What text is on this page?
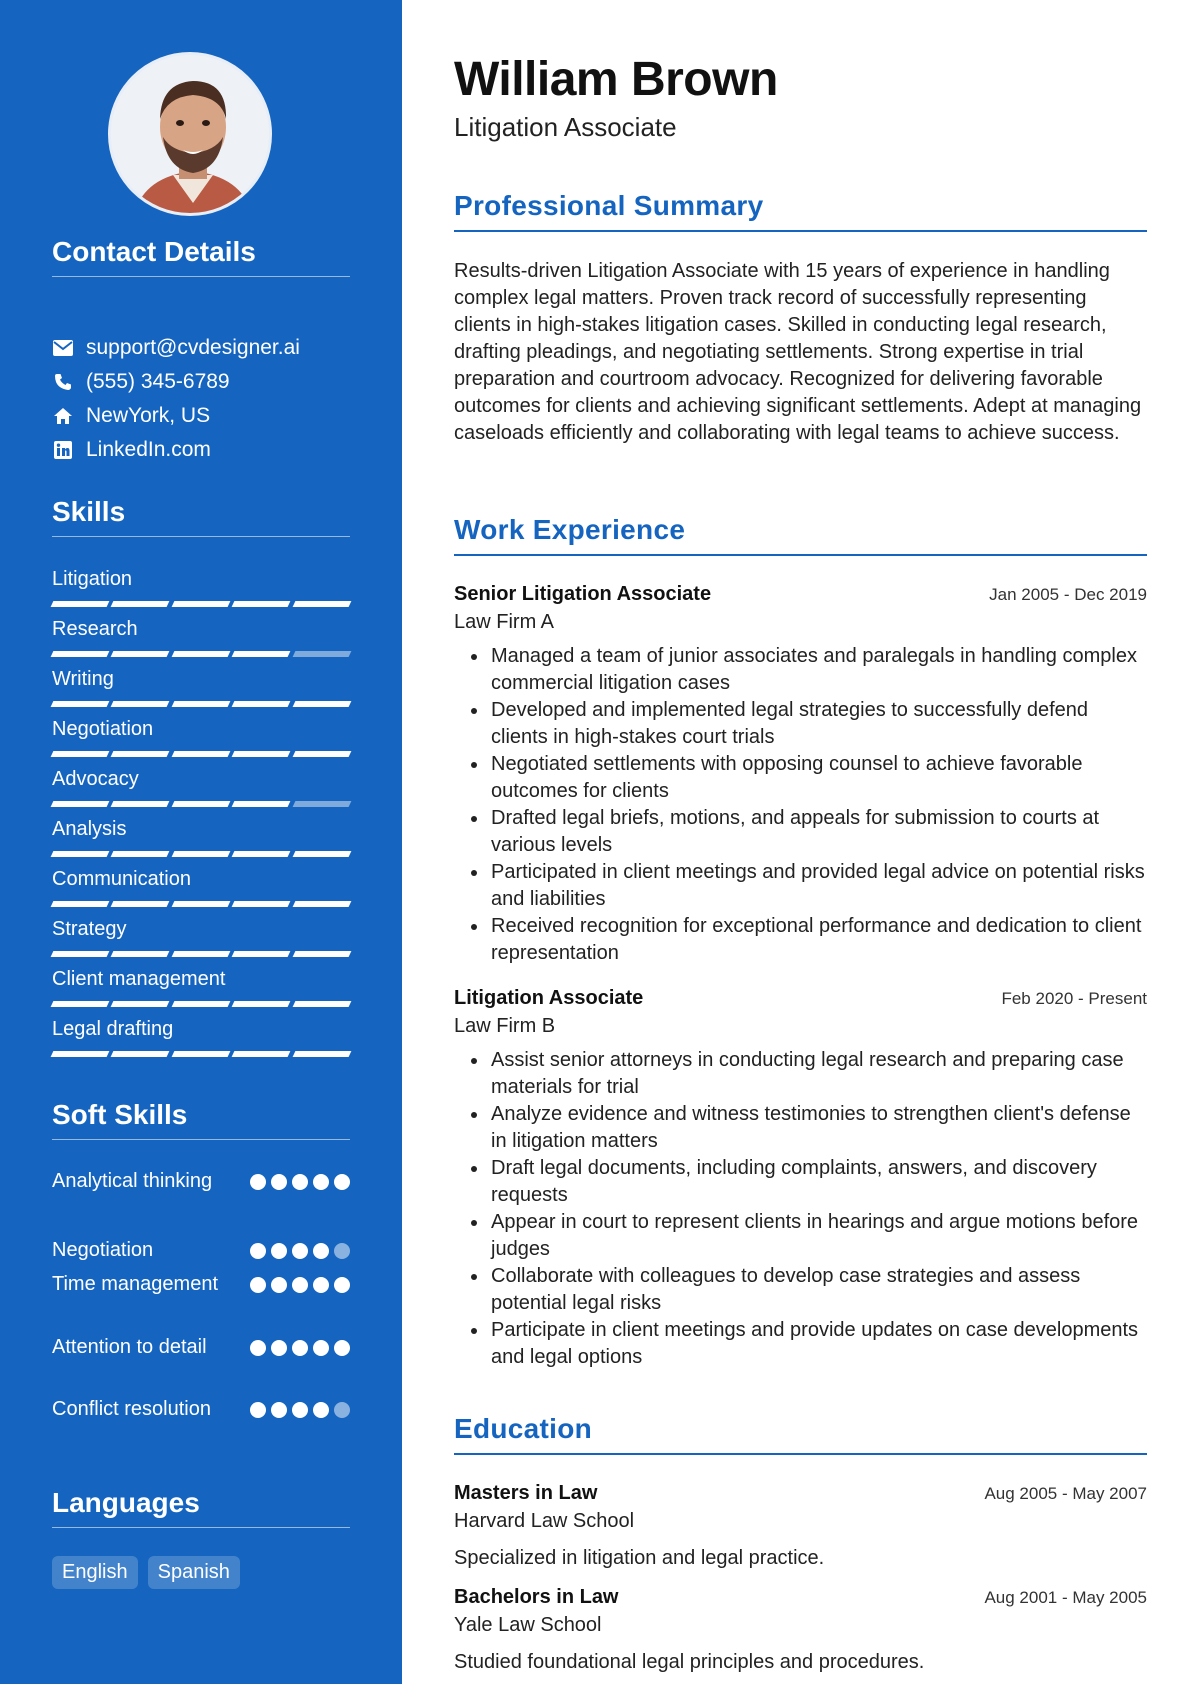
Contact Details
support@cvdesigner.ai
(555) 345-6789
NewYork, US
LinkedIn.com
Skills
Litigation
Research
Writing
Negotiation
Advocacy
Analysis
Communication
Strategy
Client management
Legal drafting
Soft Skills
Analytical thinking
Negotiation
Time management
Attention to detail
Conflict resolution
Languages
English	Spanish
William Brown
Litigation Associate
Professional Summary
Results-driven Litigation Associate with 15 years of experience in handling complex legal matters. Proven track record of successfully representing clients in high-stakes litigation cases. Skilled in conducting legal research, drafting pleadings, and negotiating settlements. Strong expertise in trial preparation and courtroom advocacy. Recognized for delivering favorable outcomes for clients and achieving significant settlements. Adept at managing caseloads efficiently and collaborating with legal teams to achieve success.
Work Experience
Senior Litigation Associate	Jan 2005 - Dec 2019
Law Firm A
Managed a team of junior associates and paralegals in handling complex commercial litigation cases
Developed and implemented legal strategies to successfully defend clients in high-stakes court trials
Negotiated settlements with opposing counsel to achieve favorable outcomes for clients
Drafted legal briefs, motions, and appeals for submission to courts at various levels
Participated in client meetings and provided legal advice on potential risks and liabilities
Received recognition for exceptional performance and dedication to client representation
Litigation Associate	Feb 2020 - Present
Law Firm B
Assist senior attorneys in conducting legal research and preparing case materials for trial
Analyze evidence and witness testimonies to strengthen client's defense in litigation matters
Draft legal documents, including complaints, answers, and discovery requests
Appear in court to represent clients in hearings and argue motions before judges
Collaborate with colleagues to develop case strategies and assess potential legal risks
Participate in client meetings and provide updates on case developments and legal options
Education
Masters in Law	Aug 2005 - May 2007
Harvard Law School
Specialized in litigation and legal practice.
Bachelors in Law	Aug 2001 - May 2005
Yale Law School
Studied foundational legal principles and procedures.
